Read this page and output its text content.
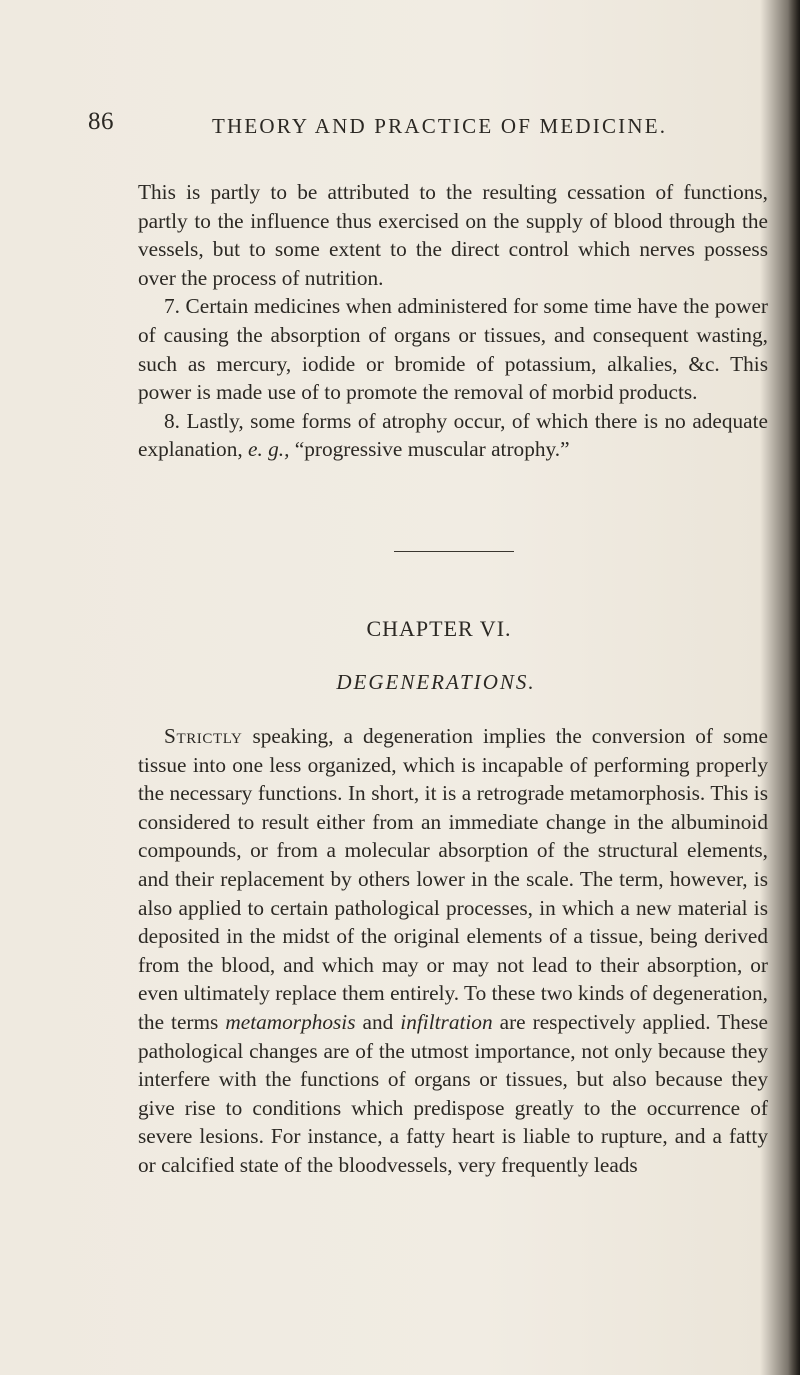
86	THEORY AND PRACTICE OF MEDICINE.

This is partly to be attributed to the resulting cessation of functions, partly to the influence thus exercised on the supply of blood through the vessels, but to some extent to the direct control which nerves possess over the process of nutrition.

7. Certain medicines when administered for some time have the power of causing the absorption of organs or tissues, and consequent wasting, such as mercury, iodide or bromide of potassium, alkalies, &c. This power is made use of to promote the removal of morbid products.

8. Lastly, some forms of atrophy occur, of which there is no adequate explanation, e. g., “progressive muscular atrophy.”

CHAPTER VI.
DEGENERATIONS.

Strictly speaking, a degeneration implies the conversion of some tissue into one less organized, which is incapable of performing properly the necessary functions. In short, it is a retrograde metamorphosis. This is considered to result either from an immediate change in the albuminoid compounds, or from a molecular absorption of the structural elements, and their replacement by others lower in the scale. The term, however, is also applied to certain pathological processes, in which a new material is deposited in the midst of the original elements of a tissue, being derived from the blood, and which may or may not lead to their absorption, or even ultimately replace them entirely. To these two kinds of degeneration, the terms metamorphosis and infiltration are respectively applied. These pathological changes are of the utmost importance, not only because they interfere with the functions of organs or tissues, but also because they give rise to conditions which predispose greatly to the occurrence of severe lesions. For instance, a fatty heart is liable to rupture, and a fatty or calcified state of the bloodvessels, very frequently leads
